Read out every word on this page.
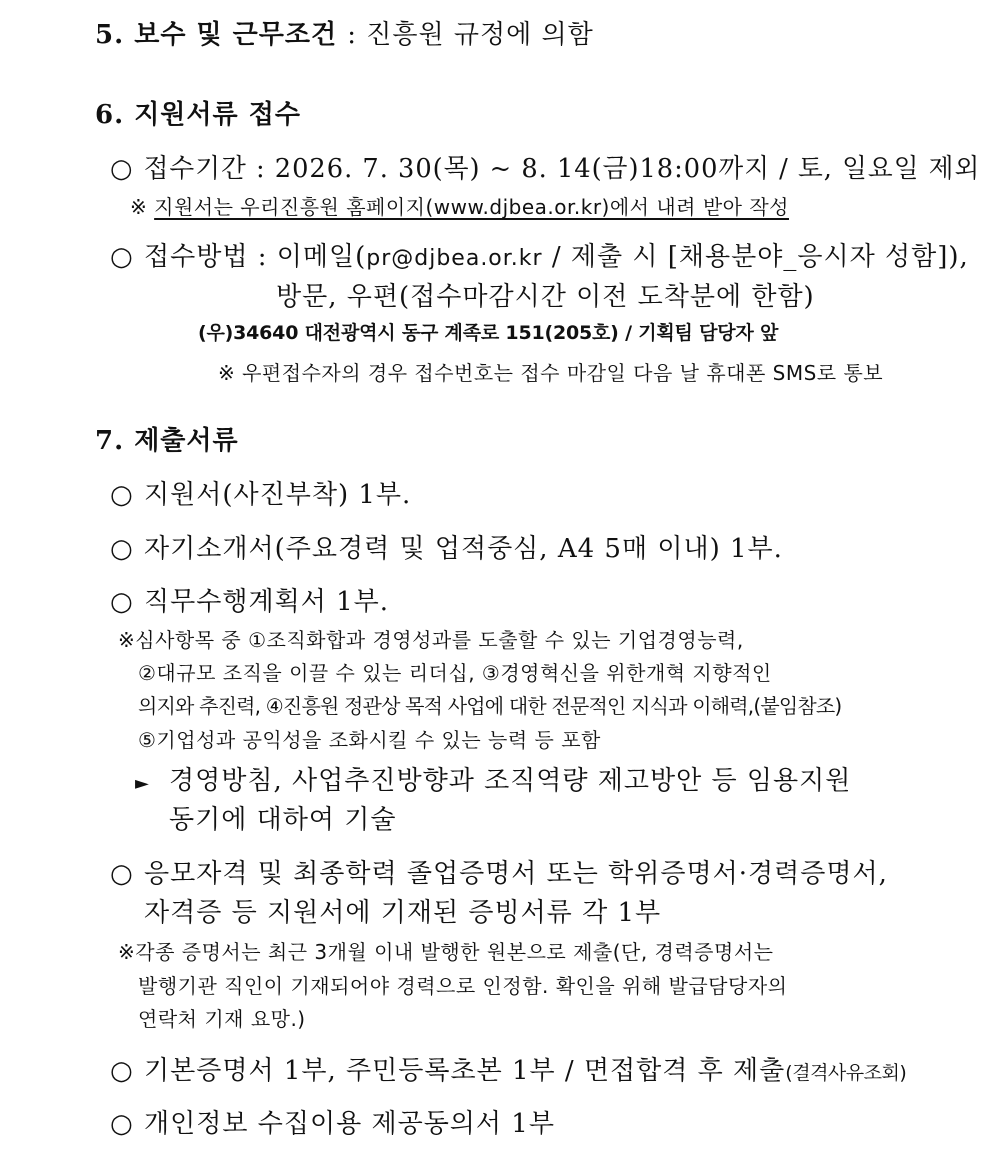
5. 보수 및 근무조건 : 진흥원 규정에 의함
6. 지원서류 접수
○ 접수기간 : 2026. 7. 30(목) ~ 8. 14(금)18:00까지 / 토, 일요일 제외
※ 지원서는 우리진흥원 홈페이지(www.djbea.or.kr)에서 내려 받아 작성
○ 접수방법 : 이메일(pr@djbea.or.kr / 제출 시 [채용분야_응시자 성함]),
방문, 우편(접수마감시간 이전 도착분에 한함)
(우)34640 대전광역시 동구 계족로 151(205호) / 기획팀 담당자 앞
※ 우편접수자의 경우 접수번호는 접수 마감일 다음 날 휴대폰 SMS로 통보
7. 제출서류
○ 지원서(사진부착) 1부.
○ 자기소개서(주요경력 및 업적중심, A4 5매 이내) 1부.
○ 직무수행계획서 1부.
※심사항목 중 ①조직화합과 경영성과를 도출할 수 있는 기업경영능력,
②대규모 조직을 이끌 수 있는 리더십, ③경영혁신을 위한개혁 지향적인
의지와 추진력, ④진흥원 정관상 목적 사업에 대한 전문적인 지식과 이해력,(붙임참조)
⑤기업성과 공익성을 조화시킬 수 있는 능력 등 포함
► 경영방침, 사업추진방향과 조직역량 제고방안 등 임용지원
동기에 대하여 기술
○ 응모자격 및 최종학력 졸업증명서 또는 학위증명서·경력증명서,
자격증 등 지원서에 기재된 증빙서류 각 1부
※각종 증명서는 최근 3개월 이내 발행한 원본으로 제출(단, 경력증명서는
발행기관 직인이 기재되어야 경력으로 인정함. 확인을 위해 발급담당자의
연락처 기재 요망.)
○ 기본증명서 1부, 주민등록초본 1부 / 면접합격 후 제출(결격사유조회)
○ 개인정보 수집이용 제공동의서 1부
